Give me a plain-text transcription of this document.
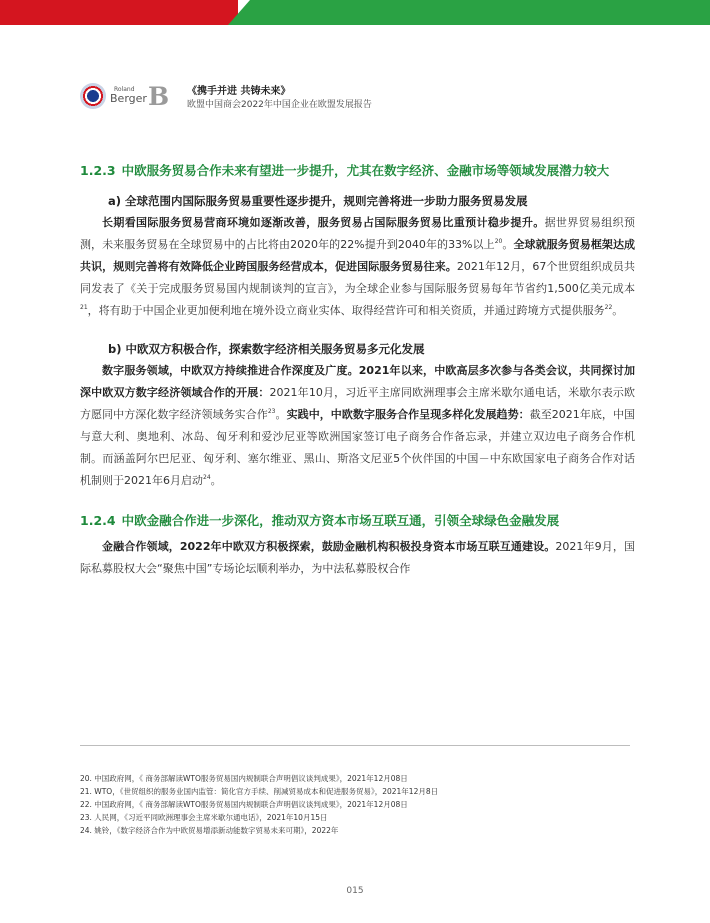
Roland
Berger B 《携手并进 共铸未来》
欧盟中国商会2022年中国企业在欧盟发展报告
1.2.3 中欧服务贸易合作未来有望进一步提升，尤其在数字经济、金融市场等领域发展潜力较大
a) 全球范围内国际服务贸易重要性逐步提升，规则完善将进一步助力服务贸易发展

长期看国际服务贸易营商环境如逐渐改善，服务贸易占国际服务贸易比重预计稳步提升。据世界贸易组织预测，未来服务贸易在全球贸易中的占比将由2020年的22%提升到2040年的33%以上$^{20}$。全球就服务贸易框架达成共识，规则完善将有效降低企业跨国服务经营成本，促进国际服务贸易往来。2021年12月，67个世贸组织成员共同发表了《关于完成服务贸易国内规制谈判的宣言》，为全球企业参与国际服务贸易每年节省约1,500亿美元成本$^{21}$，将有助于中国企业更加便利地在境外设立商业实体、取得经营许可和相关资质，并通过跨境方式提供服务$^{22}$。

b) 中欧双方积极合作，探索数字经济相关服务贸易多元化发展

数字服务领域，中欧双方持续推进合作深度及广度。2021年以来，中欧高层多次参与各类会议，共同探讨加深中欧双方数字经济领域合作的开展：2021年10月，习近平主席同欧洲理事会主席米歇尔通电话，米歇尔表示欧方愿同中方深化数字经济领域务实合作$^{23}$。实践中，中欧数字服务合作呈现多样化发展趋势：截至2021年底，中国与意大利、奥地利、冰岛、匈牙利和爱沙尼亚等欧洲国家签订电子商务合作备忘录，并建立双边电子商务合作机制。而涵盖阿尔巴尼亚、匈牙利、塞尔维亚、黑山、斯洛文尼亚5个伙伴国的中国－中东欧国家电子商务合作对话机制则于2021年6月启动$^{24}$。

1.2.4 中欧金融合作进一步深化，推动双方资本市场互联互通，引领全球绿色金融发展

金融合作领域，2022年中欧双方积极探索，鼓励金融机构积极投身资本市场互联互通建设。2021年9月，国际私募股权大会“聚焦中国”专场论坛顺利举办，为中法私募股权合作

20. 中国政府网，《 商务部解读WTO服务贸易国内规制联合声明倡议谈判成果》，2021年12月08日
21. WTO，《世贸组织的服务业国内监管：简化官方手续、削减贸易成本和促进服务贸易》，2021年12月8日
22. 中国政府网，《 商务部解读WTO服务贸易国内规制联合声明倡议谈判成果》，2021年12月08日
23. 人民网，《习近平同欧洲理事会主席米歇尔通电话》，2021年10月15日
24. 姚铃，《数字经济合作为中欧贸易增添新动能数字贸易未来可期》，2022年
015
